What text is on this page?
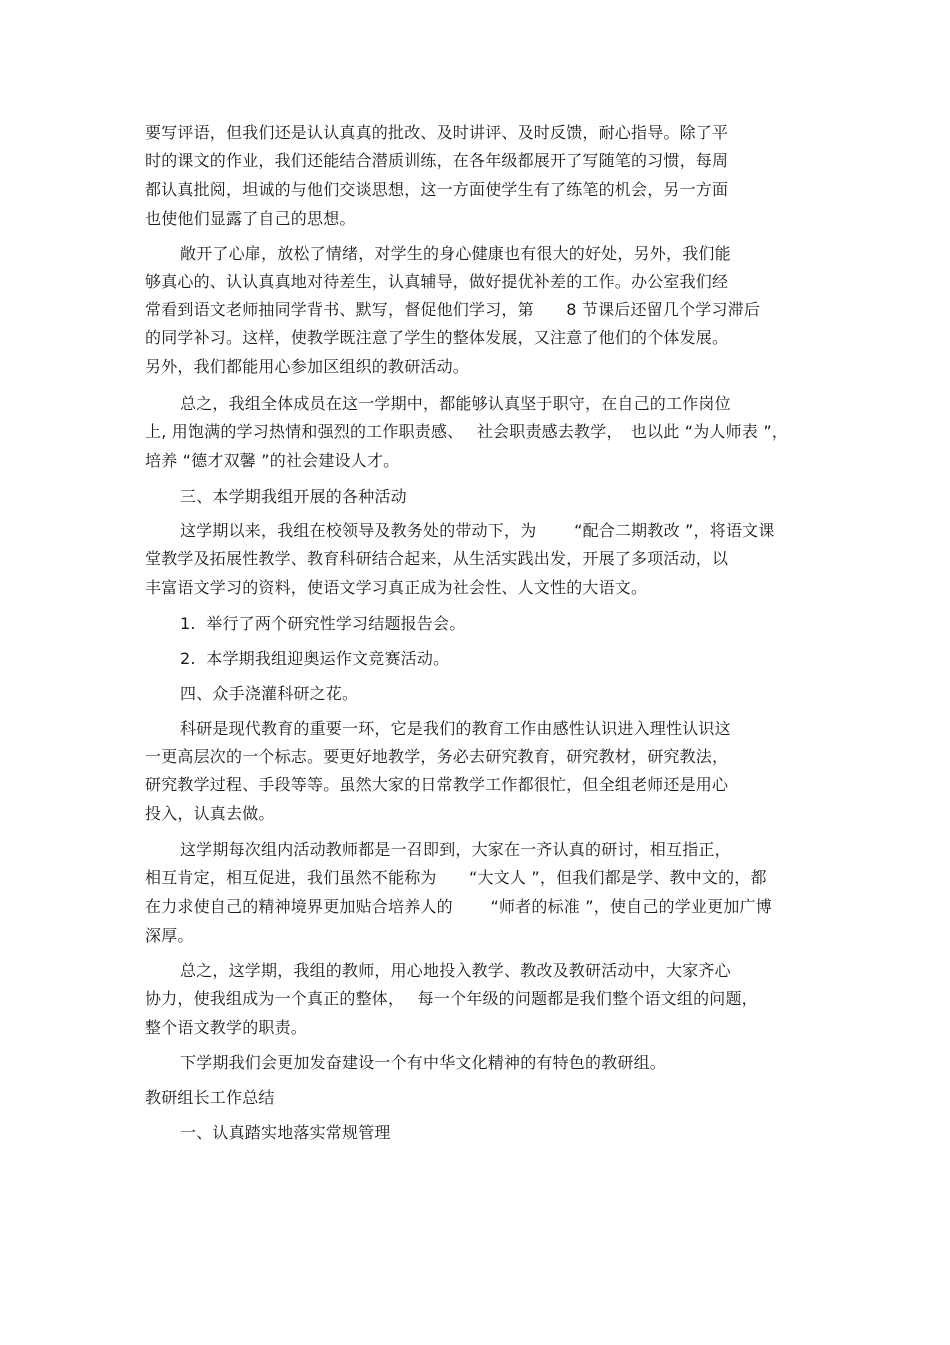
要写评语，但我们还是认认真真的批改、及时讲评、及时反馈，耐心指导。除了平
时的课文的作业，我们还能结合潜质训练，在各年级都展开了写随笔的习惯，每周
都认真批阅，坦诚的与他们交谈思想，这一方面使学生有了练笔的机会，另一方面
也使他们显露了自己的思想。
敞开了心扉，放松了情绪，对学生的身心健康也有很大的好处，另外，我们能
够真心的、认认真真地对待差生，认真辅导，做好提优补差的工作。办公室我们经
常看到语文老师抽同学背书、默写，督促他们学习，第　　8 节课后还留几个学习滞后
的同学补习。这样，使教学既注意了学生的整体发展，又注意了他们的个体发展。
另外，我们都能用心参加区组织的教研活动。
总之，我组全体成员在这一学期中，都能够认真坚于职守，在自己的工作岗位
上, 用饱满的学习热情和强烈的工作职责感、　 社会职责感去教学，　也以此 “为人师表 ”，
培养 “德才双馨 ”的社会建设人才。
三、本学期我组开展的各种活动
这学期以来，我组在校领导及教务处的带动下，为　　 “配合二期教改 ”，将语文课
堂教学及拓展性教学、教育科研结合起来，从生活实践出发，开展了多项活动，以
丰富语文学习的资料，使语文学习真正成为社会性、人文性的大语文。
1.  举行了两个研究性学习结题报告会。
2.  本学期我组迎奥运作文竞赛活动。
四、众手浇灌科研之花。
科研是现代教育的重要一环，它是我们的教育工作由感性认识进入理性认识这
一更高层次的一个标志。要更好地教学，务必去研究教育，研究教材，研究教法，
研究教学过程、手段等等。虽然大家的日常教学工作都很忙，但全组老师还是用心
投入，认真去做。
这学期每次组内活动教师都是一召即到，大家在一齐认真的研讨，相互指正，
相互肯定，相互促进，我们虽然不能称为　　“大文人 ”，但我们都是学、教中文的，都
在力求使自己的精神境界更加贴合培养人的　　 “师者的标准 ”，使自己的学业更加广博
深厚。
总之，这学期，我组的教师，用心地投入教学、教改及教研活动中，大家齐心
协力，使我组成为一个真正的整体，　 每一个年级的问题都是我们整个语文组的问题，
整个语文教学的职责。
下学期我们会更加发奋建设一个有中华文化精神的有特色的教研组。
教研组长工作总结
一、认真踏实地落实常规管理
